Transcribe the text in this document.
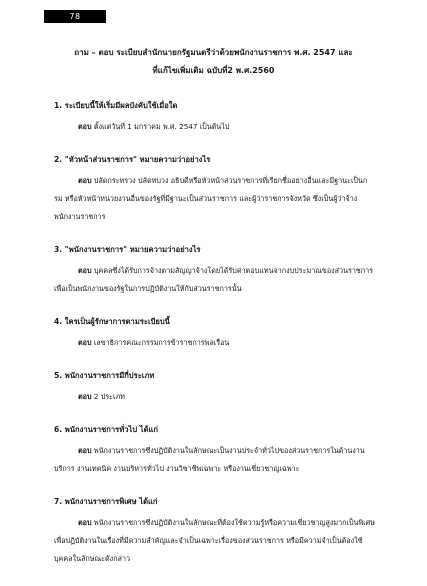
78
ถาม – ตอบ ระเบียบสำนักนายกรัฐมนตรีว่าด้วยพนักงานราชการ พ.ศ. 2547 และ
ที่แก้ไขเพิ่มเติม ฉบับที่2 พ.ศ.2560
1. ระเบียบนี้ให้เริ่มมีผลบังคับใช้เมื่อใด
ตอบ ตั้งแต่วันที่ 1 มกราคม พ.ศ. 2547 เป็นต้นไป
2. "หัวหน้าส่วนราชการ" หมายความว่าอย่างไร
ตอบ ปลัดกระทรวง ปลัดทบวง อธิบดีหรือหัวหน้าส่วนราชการที่เรียกชื่ออย่างอื่นและมีฐานะเป็นกรม หรือหัวหน้าหน่วยงานอื่นของรัฐที่มีฐานะเป็นส่วนราชการ และผู้ว่าราชการจังหวัด ซึ่งเป็นผู้ว่าจ้างพนักงานราชการ
3. "พนักงานราชการ" หมายความว่าอย่างไร
ตอบ บุคคลซึ่งได้รับการจ้างตามสัญญาจ้างโดยได้รับค่าตอบแทนจากงบประมาณของส่วนราชการ เพื่อเป็นพนักงานของรัฐในการปฏิบัติงานให้กับส่วนราชการนั้น
4. ใครเป็นผู้รักษาการตามระเบียบนี้
ตอบ เลขาธิการคณะกรรมการข้าราชการพลเรือน
5. พนักงานราชการมีกี่ประเภท
ตอบ 2 ประเภท
6. พนักงานราชการทั่วไป ได้แก่
ตอบ พนักงานราชการซึ่งปฏิบัติงานในลักษณะเป็นงานประจำทั่วไปของส่วนราชการในด้านงานบริการ งานเทคนิค งานบริหารทั่วไป งานวิชาชีพเฉพาะ หรืองานเชี่ยวชาญเฉพาะ
7. พนักงานราชการพิเศษ ได้แก่
ตอบ พนักงานราชการซึ่งปฏิบัติงานในลักษณะที่ต้องใช้ความรู้หรือความเชี่ยวชาญสูงมากเป็นพิเศษเพื่อปฏิบัติงานในเรื่องที่มีความสำคัญและจำเป็นเฉพาะเรื่องของส่วนราชการ หรือมีความจำเป็นต้องใช้บุคคลในลักษณะดังกล่าว
